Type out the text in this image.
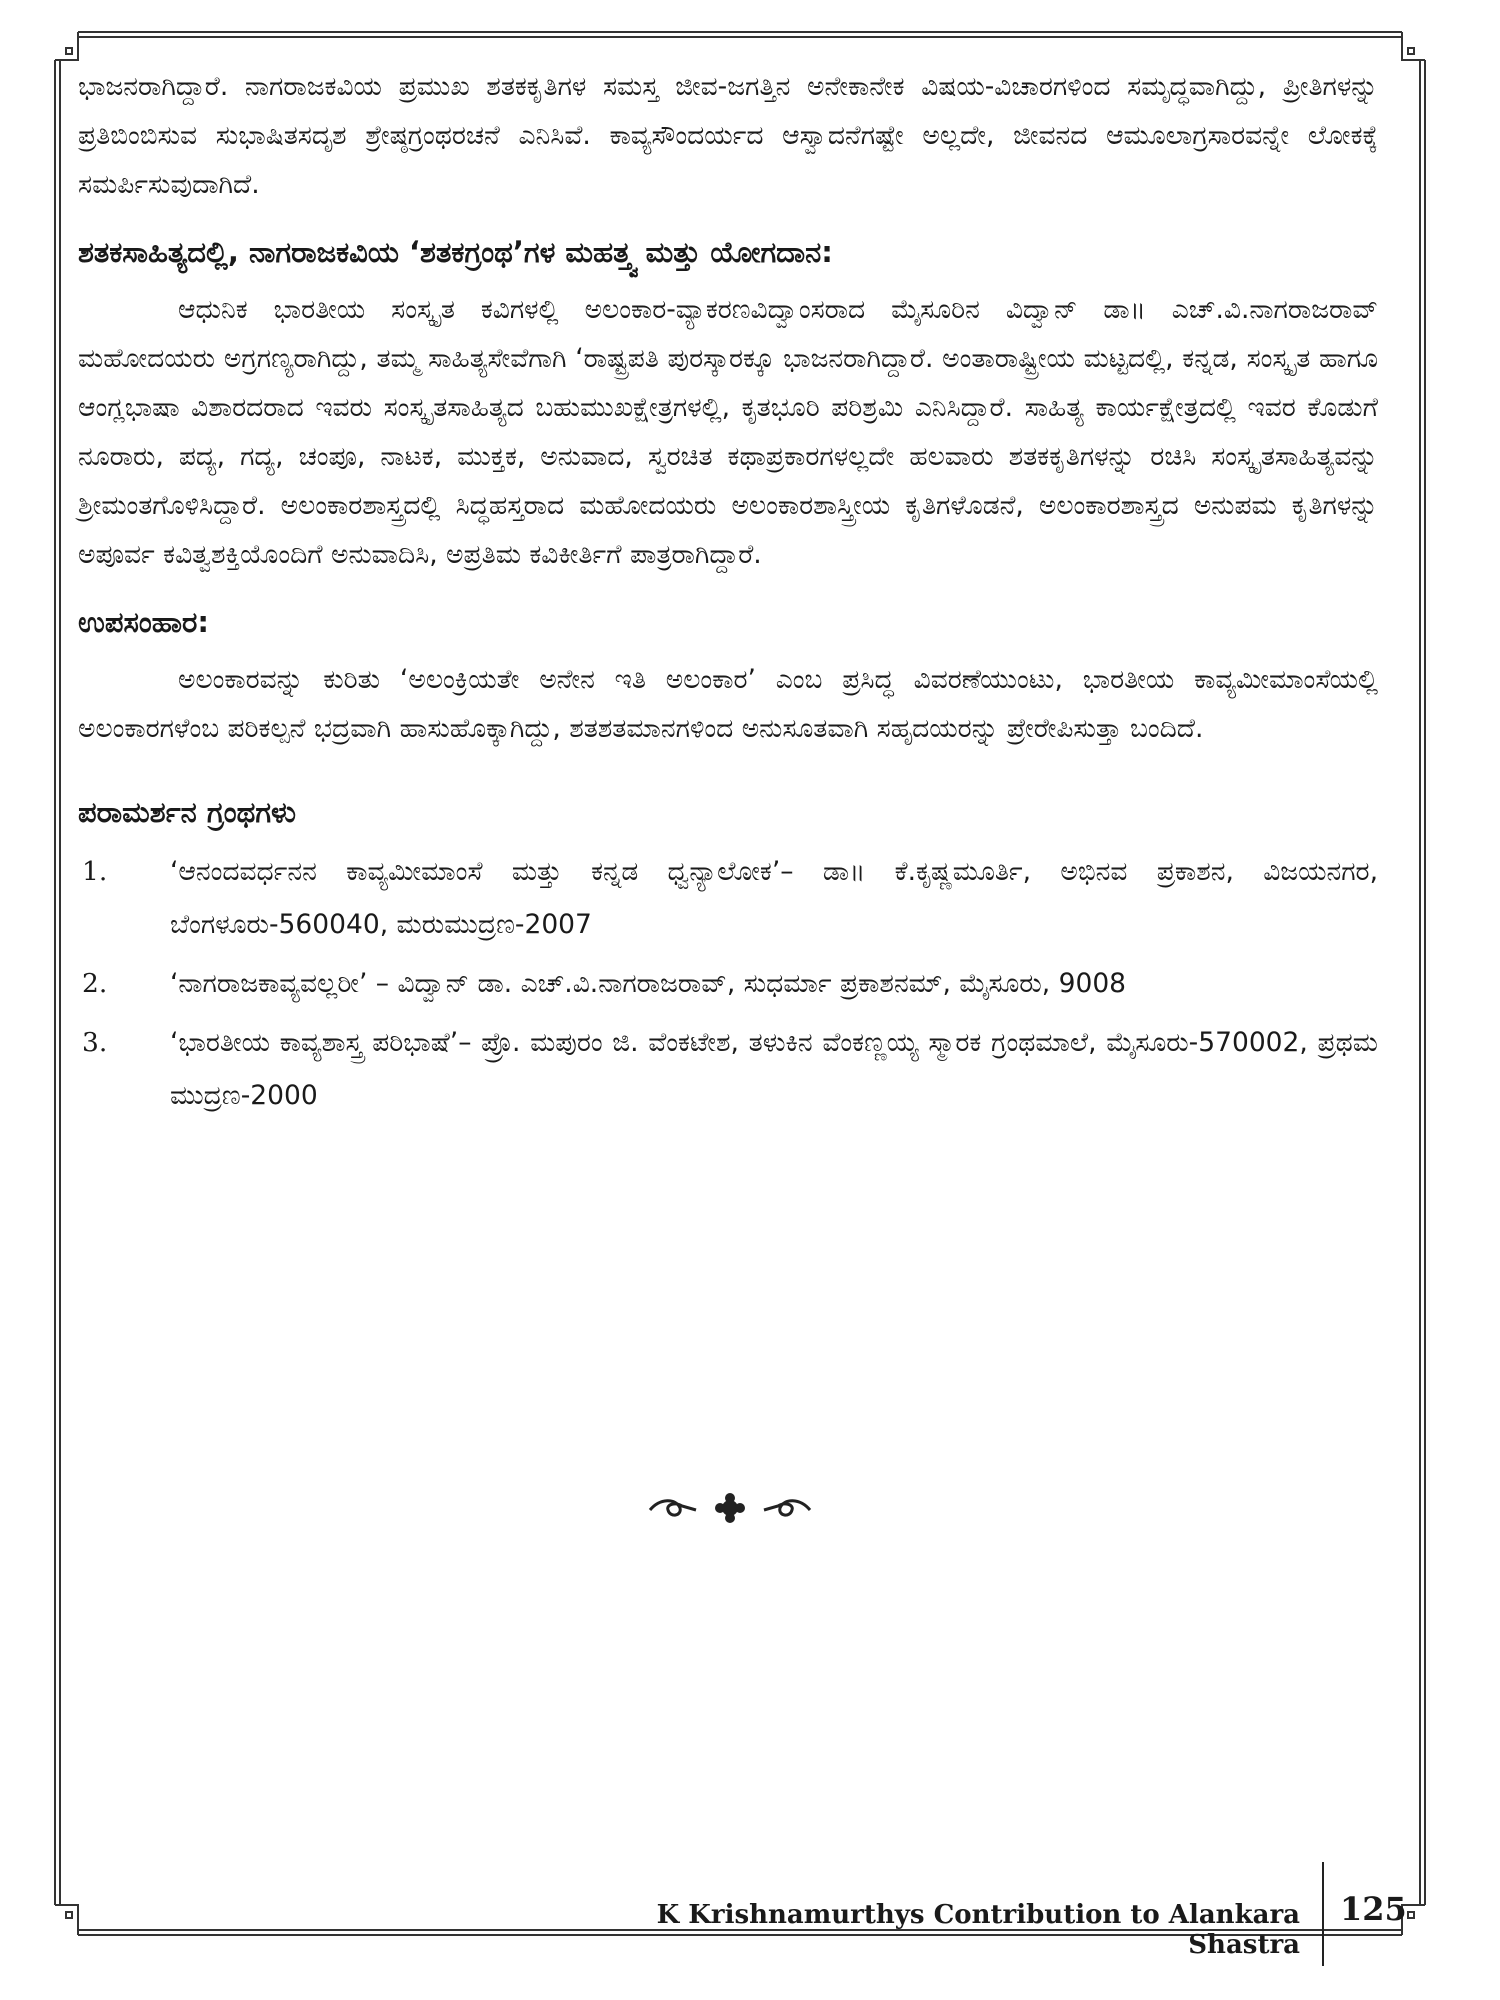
ಭಾಜನರಾಗಿದ್ದಾರೆ. ನಾಗರಾಜಕವಿಯ ಪ್ರಮುಖ ಶತಕಕೃತಿಗಳ ಸಮಸ್ತ ಜೀವ-ಜಗತ್ತಿನ ಅನೇಕಾನೇಕ ವಿಷಯ-ವಿಚಾರಗಳಿಂದ ಸಮೃದ್ಧವಾಗಿದ್ದು, ಪ್ರೀತಿಗಳನ್ನು ಪ್ರತಿಬಿಂಬಿಸುವ ಸುಭಾಷಿತಸದೃಶ ಶ್ರೇಷ್ಠಗ್ರಂಥರಚನೆ ಎನಿಸಿವೆ. ಕಾವ್ಯಸೌಂದರ್ಯದ ಆಸ್ವಾದನೆಗಷ್ಟೇ ಅಲ್ಲದೇ, ಜೀವನದ ಆಮೂಲಾಗ್ರಸಾರವನ್ನೇ ಲೋಕಕ್ಕೆ ಸಮರ್ಪಿಸುವುದಾಗಿದೆ.

ಶತಕಸಾಹಿತ್ಯದಲ್ಲಿ, ನಾಗರಾಜಕವಿಯ ‘ಶತಕಗ್ರಂಥ’ಗಳ ಮಹತ್ತ್ವ ಮತ್ತು ಯೋಗದಾನ:

ಆಧುನಿಕ ಭಾರತೀಯ ಸಂಸ್ಕೃತ ಕವಿಗಳಲ್ಲಿ ಅಲಂಕಾರ-ವ್ಯಾಕರಣವಿದ್ವಾಂಸರಾದ ಮೈಸೂರಿನ ವಿದ್ವಾನ್ ಡಾ॥ ಎಚ್.ವಿ.ನಾಗರಾಜರಾವ್ ಮಹೋದಯರು ಅಗ್ರಗಣ್ಯರಾಗಿದ್ದು, ತಮ್ಮ ಸಾಹಿತ್ಯಸೇವೆಗಾಗಿ ‘ರಾಷ್ಟ್ರಪತಿ ಪುರಸ್ಕಾರಕ್ಕೂ ಭಾಜನರಾಗಿದ್ದಾರೆ. ಅಂತಾರಾಷ್ಟ್ರೀಯ ಮಟ್ಟದಲ್ಲಿ, ಕನ್ನಡ, ಸಂಸ್ಕೃತ ಹಾಗೂ ಆಂಗ್ಲಭಾಷಾ ವಿಶಾರದರಾದ ಇವರು ಸಂಸ್ಕೃತಸಾಹಿತ್ಯದ ಬಹುಮುಖಕ್ಷೇತ್ರಗಳಲ್ಲಿ, ಕೃತಭೂರಿ ಪರಿಶ್ರಮಿ ಎನಿಸಿದ್ದಾರೆ. ಸಾಹಿತ್ಯ ಕಾರ್ಯಕ್ಷೇತ್ರದಲ್ಲಿ ಇವರ ಕೊಡುಗೆ ನೂರಾರು, ಪದ್ಯ, ಗದ್ಯ, ಚಂಪೂ, ನಾಟಕ, ಮುಕ್ತಕ, ಅನುವಾದ, ಸ್ವರಚಿತ ಕಥಾಪ್ರಕಾರಗಳಲ್ಲದೇ ಹಲವಾರು ಶತಕಕೃತಿಗಳನ್ನು ರಚಿಸಿ ಸಂಸ್ಕೃತಸಾಹಿತ್ಯವನ್ನು ಶ್ರೀಮಂತಗೊಳಿಸಿದ್ದಾರೆ. ಅಲಂಕಾರಶಾಸ್ತ್ರದಲ್ಲಿ ಸಿದ್ಧಹಸ್ತರಾದ ಮಹೋದಯರು ಅಲಂಕಾರಶಾಸ್ತ್ರೀಯ ಕೃತಿಗಳೊಡನೆ, ಅಲಂಕಾರಶಾಸ್ತ್ರದ ಅನುಪಮ ಕೃತಿಗಳನ್ನು ಅಪೂರ್ವ ಕವಿತ್ವಶಕ್ತಿಯೊಂದಿಗೆ ಅನುವಾದಿಸಿ, ಅಪ್ರತಿಮ ಕವಿಕೀರ್ತಿಗೆ ಪಾತ್ರರಾಗಿದ್ದಾರೆ.

ಉಪಸಂಹಾರ:

ಅಲಂಕಾರವನ್ನು ಕುರಿತು ‘ಅಲಂಕ್ರಿಯತೇ ಅನೇನ ಇತಿ ಅಲಂಕಾರ’ ಎಂಬ ಪ್ರಸಿದ್ಧ ವಿವರಣೆಯುಂಟು, ಭಾರತೀಯ ಕಾವ್ಯಮೀಮಾಂಸೆಯಲ್ಲಿ ಅಲಂಕಾರಗಳೆಂಬ ಪರಿಕಲ್ಪನೆ ಭದ್ರವಾಗಿ ಹಾಸುಹೊಕ್ಕಾಗಿದ್ದು, ಶತಶತಮಾನಗಳಿಂದ ಅನುಸೂತವಾಗಿ ಸಹೃದಯರನ್ನು ಪ್ರೇರೇಪಿಸುತ್ತಾ ಬಂದಿದೆ.

ಪರಾಮರ್ಶನ ಗ್ರಂಥಗಳು
1. ‘ಆನಂದವರ್ಧನನ ಕಾವ್ಯಮೀಮಾಂಸೆ ಮತ್ತು ಕನ್ನಡ ಧ್ವನ್ಯಾಲೋಕ’– ಡಾ॥ ಕೆ.ಕೃಷ್ಣಮೂರ್ತಿ, ಅಭಿನವ ಪ್ರಕಾಶನ, ವಿಜಯನಗರ, ಬೆಂಗಳೂರು-560040, ಮರುಮುದ್ರಣ-2007
2. ‘ನಾಗರಾಜಕಾವ್ಯವಲ್ಲರೀ’ – ವಿದ್ವಾನ್ ಡಾ. ಎಚ್.ವಿ.ನಾಗರಾಜರಾವ್, ಸುಧರ್ಮಾ ಪ್ರಕಾಶನಮ್, ಮೈಸೂರು, 9008
3. ‘ಭಾರತೀಯ ಕಾವ್ಯಶಾಸ್ತ್ರ ಪರಿಭಾಷೆ’– ಪ್ರೊ. ಮಪುರಂ ಜಿ. ವೆಂಕಟೇಶ, ತಳುಕಿನ ವೆಂಕಣ್ಣಯ್ಯ ಸ್ಮಾರಕ ಗ್ರಂಥಮಾಲೆ, ಮೈಸೂರು-570002, ಪ್ರಥಮ ಮುದ್ರಣ-2000
K Krishnamurthys Contribution to Alankara Shastra
125
